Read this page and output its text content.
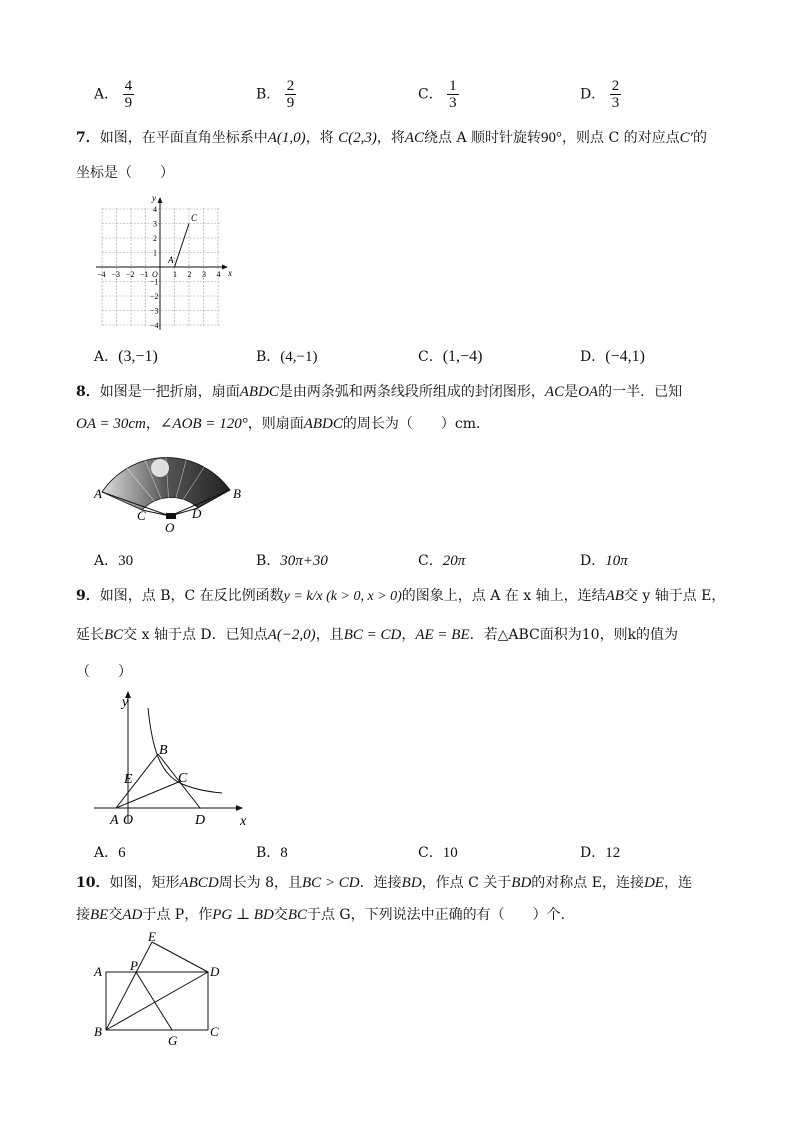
A． $\frac{4}{9}$	B． $\frac{2}{9}$	C． $\frac{1}{3}$	D． $\frac{2}{3}$
7．如图，在平面直角坐标系中A(1,0)，将 C(2,3)，将AC绕点 A 顺时针旋转90°，则点 C 的对应点C′的
坐标是（　　）
x
y
−4 −3 −2 −1	1 2 3 4
O
4
3
2
1
−1
−2
−3
−4
A
C
A．(3,−1)	B．(4,−1)	C．(1,−4)	D．(−4,1)
8．如图是一把折扇，扇面ABDC是由两条弧和两条线段所组成的封闭图形，AC是OA的一半．已知
OA = 30cm，∠AOB = 120°，则扇面ABDC的周长为（　　）cm．
A	B
C	D
O
A．30	B．30π+30	C．20π	D．10π
9．如图，点 B，C 在反比例函数y = k/x (k > 0, x > 0)的图象上，点 A 在 x 轴上，连结AB交 y 轴于点 E，
延长BC交 x 轴于点 D．已知点A(−2,0)，且BC = CD，AE = BE．若△ABC面积为10，则k的值为
（　　）
y
x
A O
B
C
D
E
A．6	B．8	C．10	D．12
10．如图，矩形ABCD周长为 8，且BC > CD．连接BD，作点 C 关于BD的对称点 E，连接DE，连
接BE交AD于点 P，作PG ⊥ BD交BC于点 G，下列说法中正确的有（　　）个．
A
B	C
D
E
P
G
